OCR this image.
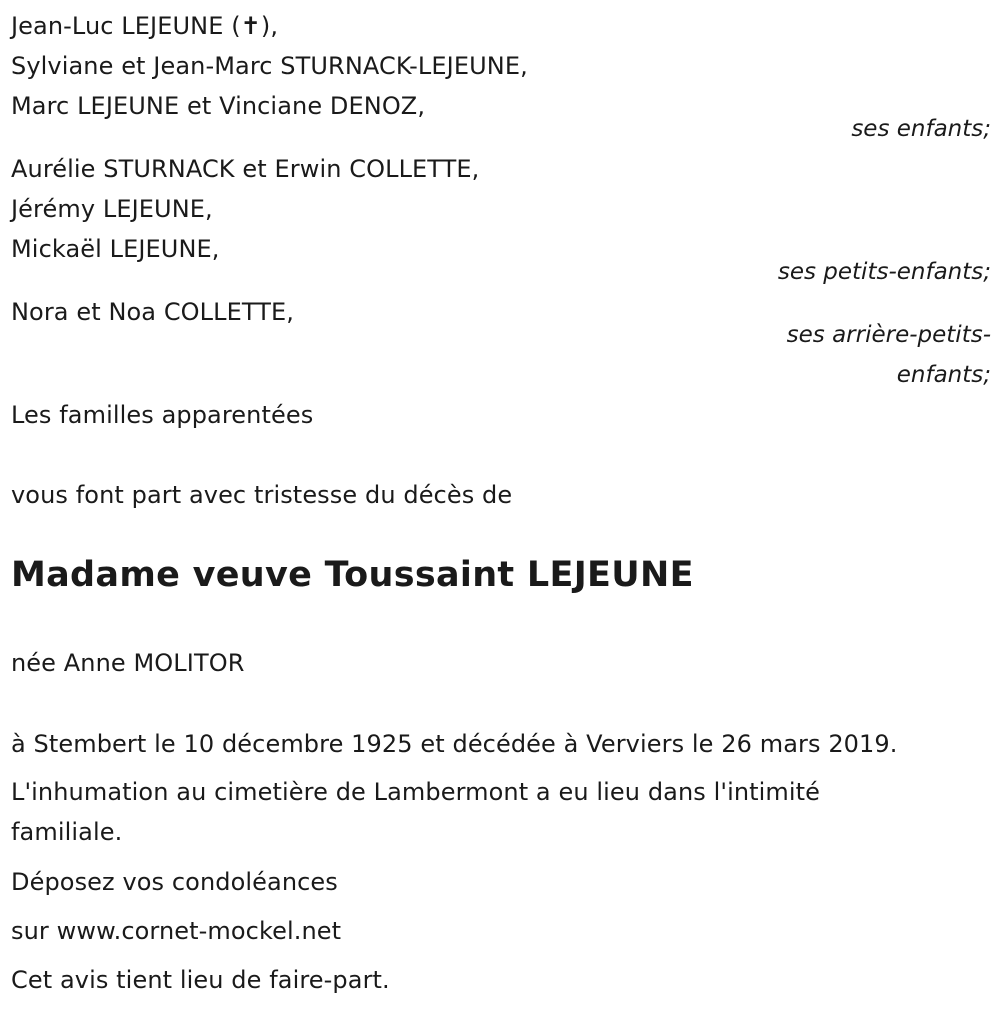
Jean-Luc LEJEUNE (✝),
Sylviane et Jean-Marc STURNACK-LEJEUNE,
Marc LEJEUNE et Vinciane DENOZ,
ses enfants;
Aurélie STURNACK et Erwin COLLETTE,
Jérémy LEJEUNE,
Mickaël LEJEUNE,
ses petits-enfants;
Nora et Noa COLLETTE,
ses arrière-petits-
enfants;
Les familles apparentées
vous font part avec tristesse du décès de
Madame veuve Toussaint LEJEUNE
née Anne MOLITOR
à Stembert le 10 décembre 1925 et décédée à Verviers le 26 mars 2019.
L'inhumation au cimetière de Lambermont a eu lieu dans l'intimité
familiale.
Déposez vos condoléances
sur www.cornet-mockel.net
Cet avis tient lieu de faire-part.
